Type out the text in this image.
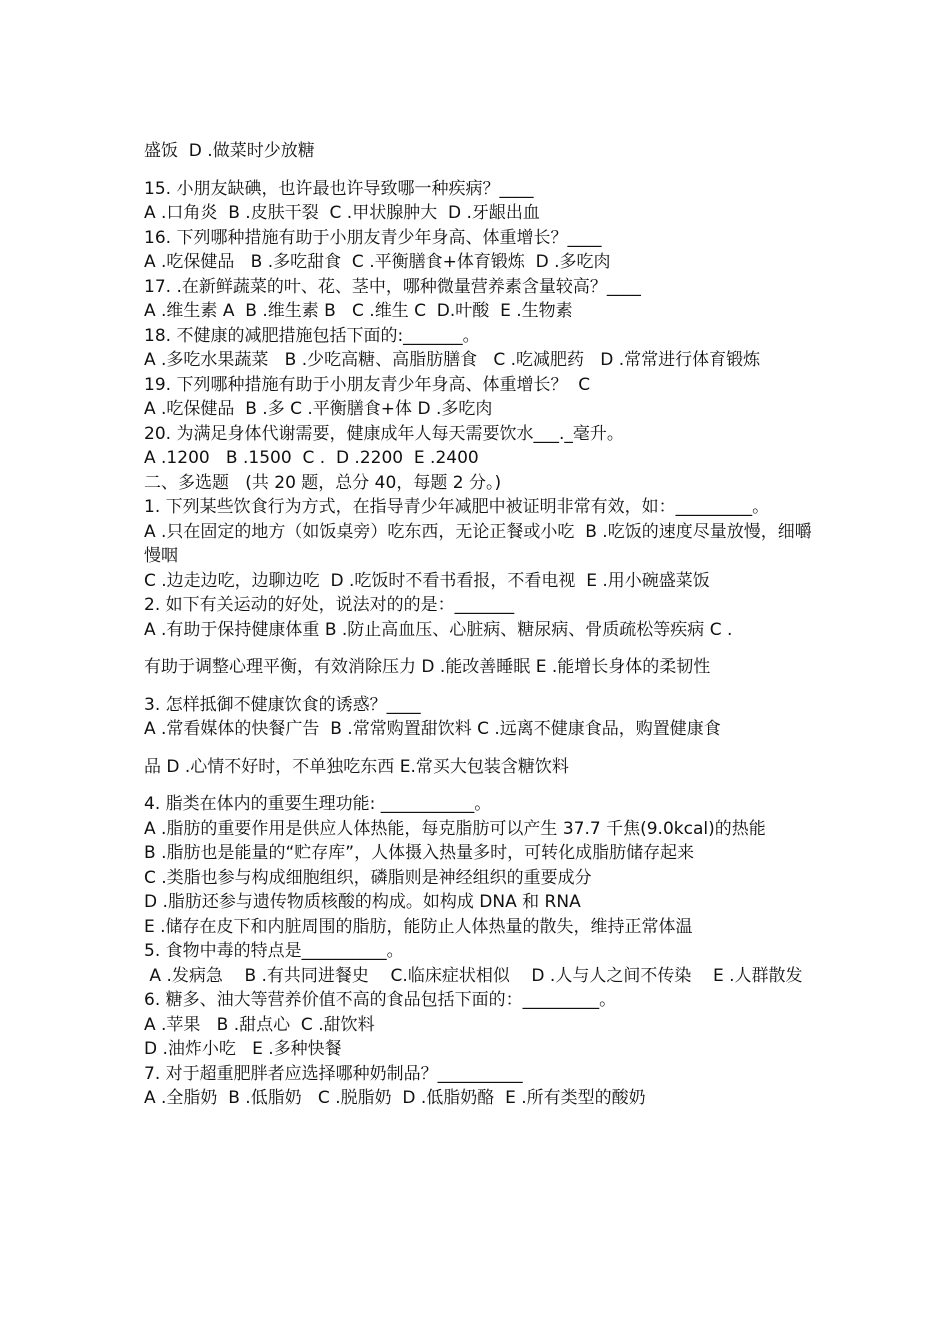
盛饭  D .做菜时少放糖

15. 小朋友缺碘，也许最也许导致哪一种疾病？____

A .口角炎  B .皮肤干裂  C .甲状腺肿大  D .牙龈出血

16. 下列哪种措施有助于小朋友青少年身高、体重增长？____

A .吃保健品   B .多吃甜食  C .平衡膳食+体育锻炼  D .多吃肉

17. .在新鲜蔬菜的叶、花、茎中，哪种微量营养素含量较高？____

A .维生素 A  B .维生素 B   C .维生 C  D.叶酸  E .生物素

18. 不健康的减肥措施包括下面的:_______。

A .多吃水果蔬菜   B .少吃高糖、高脂肪膳食   C .吃减肥药   D .常常进行体育锻炼

19. 下列哪种措施有助于小朋友青少年身高、体重增长？  C

A .吃保健品  B .多 C .平衡膳食+体 D .多吃肉

20. 为满足身体代谢需要，健康成年人每天需要饮水___._毫升。

A .1200   B .1500  C .  D .2200  E .2400

二、多选题   (共 20 题，总分 40，每题 2 分。)

1. 下列某些饮食行为方式，在指导青少年减肥中被证明非常有效，如：_________。

A .只在固定的地方（如饭桌旁）吃东西，无论正餐或小吃  B .吃饭的速度尽量放慢，细嚼慢咽

C .边走边吃，边聊边吃  D .吃饭时不看书看报，不看电视  E .用小碗盛菜饭

2. 如下有关运动的好处，说法对的的是：_______

A .有助于保持健康体重 B .防止高血压、心脏病、糖尿病、骨质疏松等疾病 C .

有助于调整心理平衡，有效消除压力 D .能改善睡眠 E .能增长身体的柔韧性

3. 怎样抵御不健康饮食的诱惑？____

A .常看媒体的快餐广告  B .常常购置甜饮料 C .远离不健康食品，购置健康食

品 D .心情不好时，不单独吃东西 E.常买大包装含糖饮料

4. 脂类在体内的重要生理功能: ___________。

A .脂肪的重要作用是供应人体热能，每克脂肪可以产生 37.7 千焦(9.0kcal)的热能

B .脂肪也是能量的“贮存库”，人体摄入热量多时，可转化成脂肪储存起来

C .类脂也参与构成细胞组织，磷脂则是神经组织的重要成分

D .脂肪还参与遗传物质核酸的构成。如构成 DNA 和 RNA

E .储存在皮下和内脏周围的脂肪，能防止人体热量的散失，维持正常体温

5. 食物中毒的特点是__________。

A .发病急    B .有共同进餐史    C.临床症状相似    D .人与人之间不传染    E .人群散发

6. 糖多、油大等营养价值不高的食品包括下面的：_________。

A .苹果   B .甜点心  C .甜饮料

D .油炸小吃   E .多种快餐

7. 对于超重肥胖者应选择哪种奶制品？__________

A .全脂奶  B .低脂奶   C .脱脂奶  D .低脂奶酪  E .所有类型的酸奶
